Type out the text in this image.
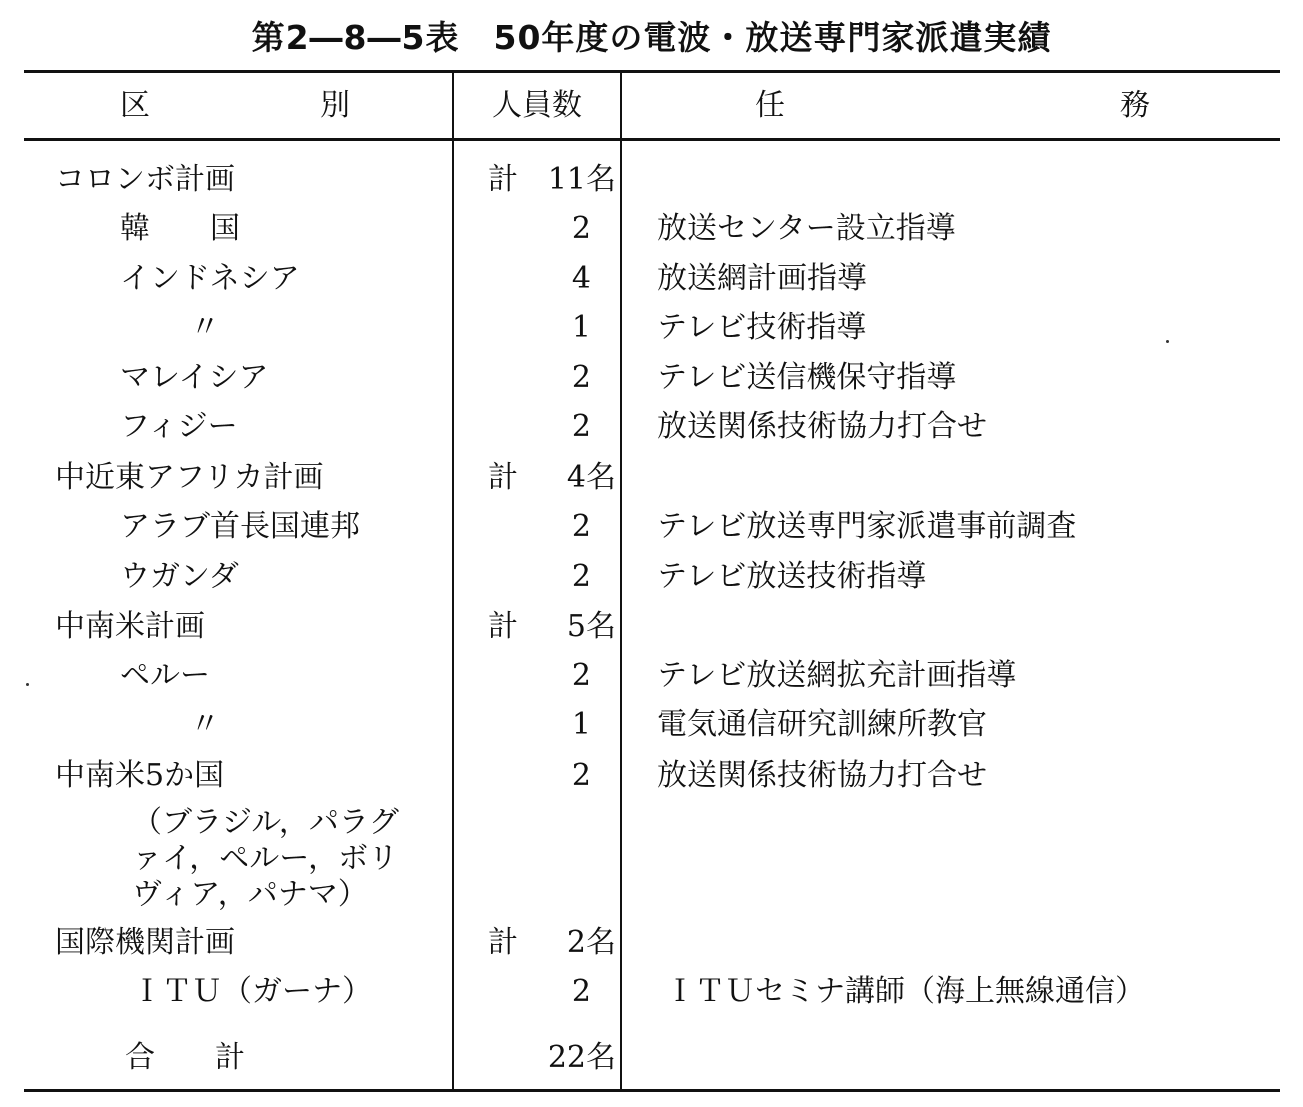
第2―8―5表　50年度の電波・放送専門家派遣実績
区	別	人員数	任	務
コロンボ計画	計 11名
韓　　国	2 放送センター設立指導
インドネシア	4 放送網計画指導
〃	1 テレビ技術指導
マレイシア	2 テレビ送信機保守指導
フィジー	2 放送関係技術協力打合せ
中近東アフリカ計画	計 4名
アラブ首長国連邦	2 テレビ放送専門家派遣事前調査
ウガンダ	2 テレビ放送技術指導
中南米計画	計 5名
ペルー	2 テレビ放送網拡充計画指導
〃	1 電気通信研究訓練所教官
中南米5か国	2 放送関係技術協力打合せ
（ブラジル，パラグァイ，ペルー，ボリヴィア，パナマ）
国際機関計画	計 2名
ＩＴＵ（ガーナ）	2 ＩＴＵセミナ講師（海上無線通信）
合　　計	22名
